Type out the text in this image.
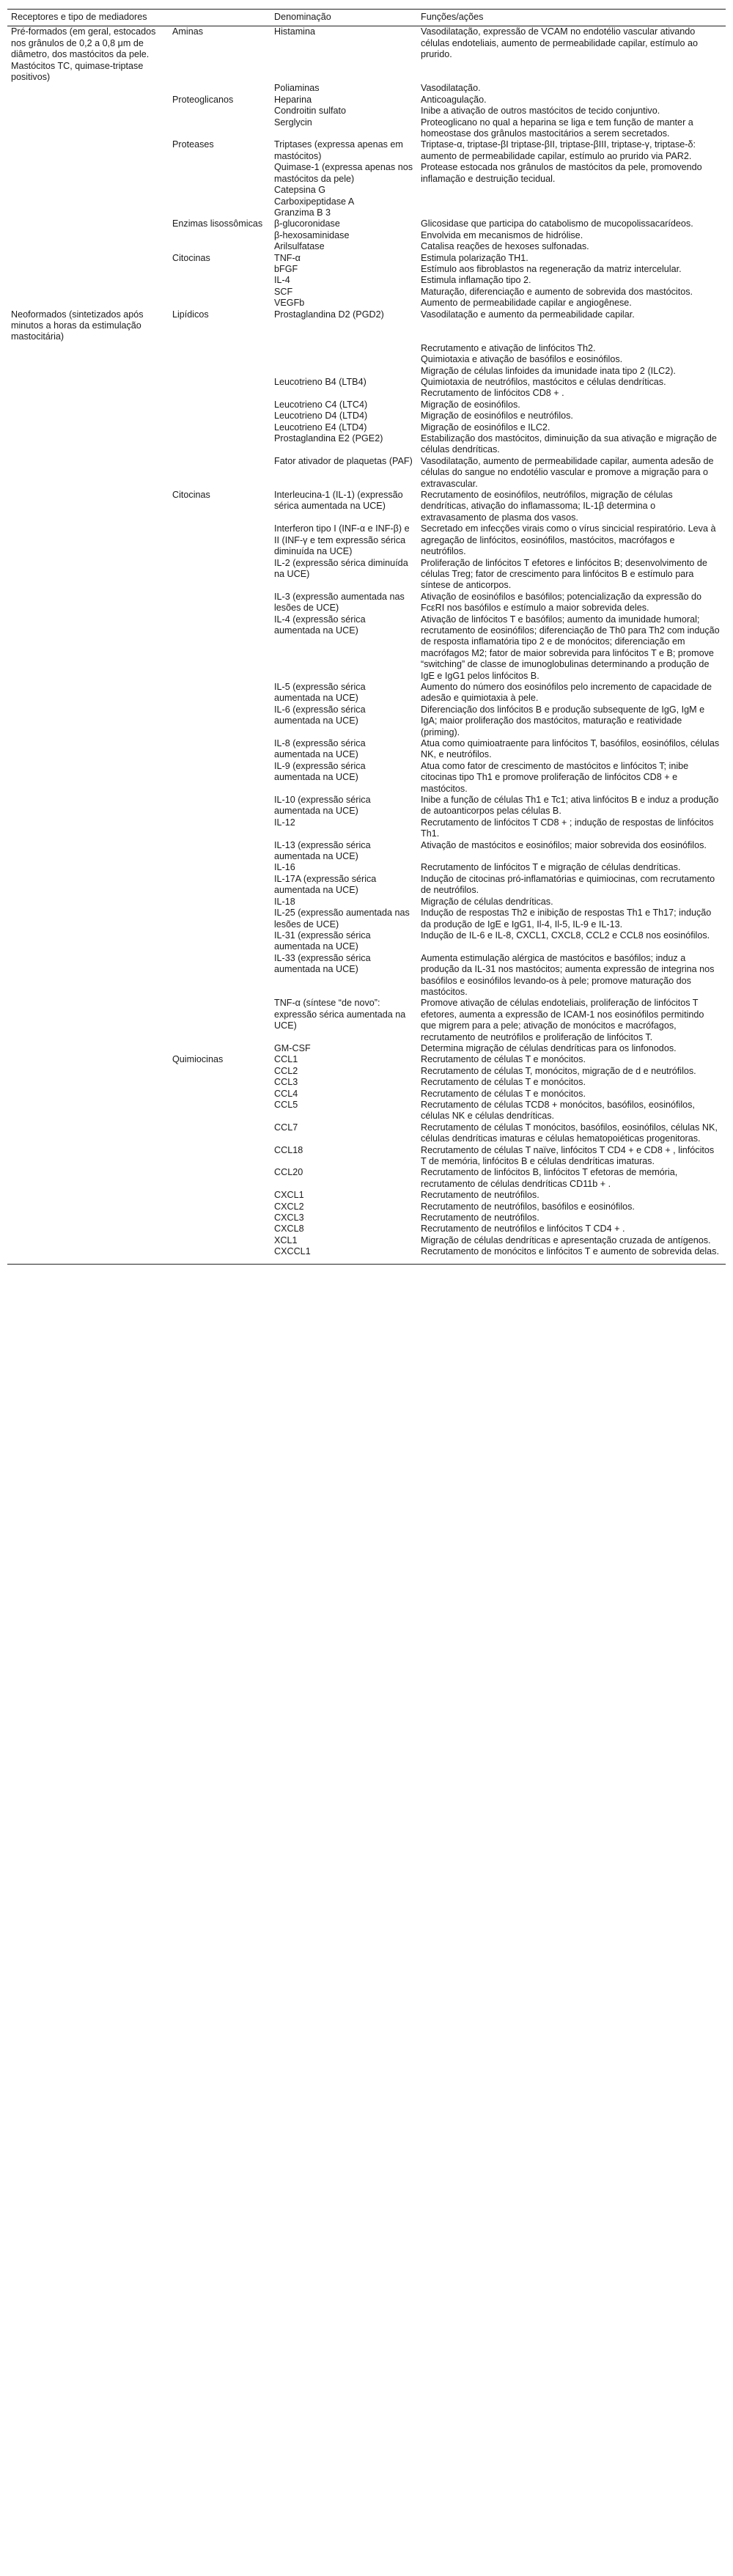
Receptores e tipo de mediadores		Denominação	Funções/ações
Pré-formados (em geral, estocados nos grânulos de 0,2 a 0,8 μm de diâmetro, dos mastócitos da pele. Mastócitos TC, quimase-triptase positivos)	Aminas	Histamina	Vasodilatação, expressão de VCAM no endotélio vascular ativando células endoteliais, aumento de permeabilidade capilar, estímulo ao prurido.
		Poliaminas	Vasodilatação.
	Proteoglicanos	Heparina	Anticoagulação.
		Condroitin sulfato	Inibe a ativação de outros mastócitos de tecido conjuntivo.
		Serglycin	Proteoglicano no qual a heparina se liga e tem função de manter a homeostase dos grânulos mastocitários a serem secretados.
	Proteases	Triptases (expressa apenas em mastócitos)	Triptase-α, triptase-βI triptase-βII, triptase-βIII, triptase-γ, triptase-δ: aumento de permeabilidade capilar, estímulo ao prurido via PAR2.
		Quimase-1 (expressa apenas nos mastócitos da pele)	Protease estocada nos grânulos de mastócitos da pele, promovendo inflamação e destruição tecidual.
		Catepsina G	
		Carboxipeptidase A	
		Granzima B 3	
	Enzimas lisossômicas	β-glucoronidase	Glicosidase que participa do catabolismo de mucopolissacarídeos.
		β-hexosaminidase	Envolvida em mecanismos de hidrólise.
		Arilsulfatase	Catalisa reações de hexoses sulfonadas.
	Citocinas	TNF-α	Estimula polarização TH1.
		bFGF	Estímulo aos fibroblastos na regeneração da matriz intercelular.
		IL-4	Estimula inflamação tipo 2.
		SCF	Maturação, diferenciação e aumento de sobrevida dos mastócitos.
		VEGFb	Aumento de permeabilidade capilar e angiogênese.
Neoformados (sintetizados após minutos a horas da estimulação mastocitária)	Lipídicos	Prostaglandina D2 (PGD2)	Vasodilatação e aumento da permeabilidade capilar.
			Recrutamento e ativação de linfócitos Th2.
			Quimiotaxia e ativação de basófilos e eosinófilos.
			Migração de células linfoides da imunidade inata tipo 2 (ILC2).
		Leucotrieno B4 (LTB4)	Quimiotaxia de neutrófilos, mastócitos e células dendríticas.
			Recrutamento de linfócitos CD8 + .
		Leucotrieno C4 (LTC4)	Migração de eosinófilos.
		Leucotrieno D4 (LTD4)	Migração de eosinófilos e neutrófilos.
		Leucotrieno E4 (LTD4)	Migração de eosinófilos e ILC2.
		Prostaglandina E2 (PGE2)	Estabilização dos mastócitos, diminuição da sua ativação e migração de células dendríticas.
		Fator ativador de plaquetas (PAF)	Vasodilatação, aumento de permeabilidade capilar, aumenta adesão de células do sangue no endotélio vascular e promove a migração para o extravascular.
	Citocinas	Interleucina-1 (IL-1) (expressão sérica aumentada na UCE)	Recrutamento de eosinófilos, neutrófilos, migração de células dendríticas, ativação do inflamassoma; IL-1β determina o extravasamento de plasma dos vasos.
		Interferon tipo I (INF-α e INF-β) e II (INF-γ e tem expressão sérica diminuída na UCE)	Secretado em infecções virais como o vírus sincicial respiratório. Leva à agregação de linfócitos, eosinófilos, mastócitos, macrófagos e neutrófilos.
		IL-2 (expressão sérica diminuída na UCE)	Proliferação de linfócitos T efetores e linfócitos B; desenvolvimento de células Treg; fator de crescimento para linfócitos B e estímulo para síntese de anticorpos.
		IL-3 (expressão aumentada nas lesões de UCE)	Ativação de eosinófilos e basófilos; potencialização da expressão do FcεRI nos basófilos e estímulo a maior sobrevida deles.
		IL-4 (expressão sérica aumentada na UCE)	Ativação de linfócitos T e basófilos; aumento da imunidade humoral; recrutamento de eosinófilos; diferenciação de Th0 para Th2 com indução de resposta inflamatória tipo 2 e de monócitos; diferenciação em macrófagos M2; fator de maior sobrevida para linfócitos T e B; promove “switching” de classe de imunoglobulinas determinando a produção de IgE e IgG1 pelos linfócitos B.
		IL-5 (expressão sérica aumentada na UCE)	Aumento do número dos eosinófilos pelo incremento de capacidade de adesão e quimiotaxia à pele.
		IL-6 (expressão sérica aumentada na UCE)	Diferenciação dos linfócitos B e produção subsequente de IgG, IgM e IgA; maior proliferação dos mastócitos, maturação e reatividade (priming).
		IL-8 (expressão sérica aumentada na UCE)	Atua como quimioatraente para linfócitos T, basófilos, eosinófilos, células NK, e neutrófilos.
		IL-9 (expressão sérica aumentada na UCE)	Atua como fator de crescimento de mastócitos e linfócitos T; inibe citocinas tipo Th1 e promove proliferação de linfócitos CD8 + e mastócitos.
		IL-10 (expressão sérica aumentada na UCE)	Inibe a função de células Th1 e Tc1; ativa linfócitos B e induz a produção de autoanticorpos pelas células B.
		IL-12	Recrutamento de linfócitos T CD8 + ; indução de respostas de linfócitos Th1.
		IL-13 (expressão sérica aumentada na UCE)	Ativação de mastócitos e eosinófilos; maior sobrevida dos eosinófilos.
		IL-16	Recrutamento de linfócitos T e migração de células dendríticas.
		IL-17A (expressão sérica aumentada na UCE)	Indução de citocinas pró-inflamatórias e quimiocinas, com recrutamento de neutrófilos.
		IL-18	Migração de células dendríticas.
		IL-25 (expressão aumentada nas lesões de UCE)	Indução de respostas Th2 e inibição de respostas Th1 e Th17; indução da produção de IgE e IgG1, Il-4, Il-5, IL-9 e IL-13.
		IL-31 (expressão sérica aumentada na UCE)	Indução de IL-6 e IL-8, CXCL1, CXCL8, CCL2 e CCL8 nos eosinófilos.
		IL-33 (expressão sérica aumentada na UCE)	Aumenta estimulação alérgica de mastócitos e basófilos; induz a produção da IL-31 nos mastócitos; aumenta expressão de integrina nos basófilos e eosinófilos levando-os à pele; promove maturação dos mastócitos.
		TNF-α (síntese “de novo”: expressão sérica aumentada na UCE)	Promove ativação de células endoteliais, proliferação de linfócitos T efetores, aumenta a expressão de ICAM-1 nos eosinófilos permitindo que migrem para a pele; ativação de monócitos e macrófagos, recrutamento de neutrófilos e proliferação de linfócitos T.
		GM-CSF	Determina migração de células dendríticas para os linfonodos.
	Quimiocinas	CCL1	Recrutamento de células T e monócitos.
		CCL2	Recrutamento de células T, monócitos, migração de d e neutrófilos.
		CCL3	Recrutamento de células T e monócitos.
		CCL4	Recrutamento de células T e monócitos.
		CCL5	Recrutamento de células TCD8 + monócitos, basófilos, eosinófilos, células NK e células dendríticas.
		CCL7	Recrutamento de células T monócitos, basófilos, eosinófilos, células NK, células dendríticas imaturas e células hematopoiéticas progenitoras.
		CCL18	Recrutamento de células T naïve, linfócitos T CD4 + e CD8 + , linfócitos T de memória, linfócitos B e células dendríticas imaturas.
		CCL20	Recrutamento de linfócitos B, linfócitos T efetoras de memória, recrutamento de células dendríticas CD11b + .
		CXCL1	Recrutamento de neutrófilos.
		CXCL2	Recrutamento de neutrófilos, basófilos e eosinófilos.
		CXCL3	Recrutamento de neutrófilos.
		CXCL8	Recrutamento de neutrófilos e linfócitos T CD4 + .
		XCL1	Migração de células dendríticas e apresentação cruzada de antígenos.
		CXCCL1	Recrutamento de monócitos e linfócitos T e aumento de sobrevida delas.
